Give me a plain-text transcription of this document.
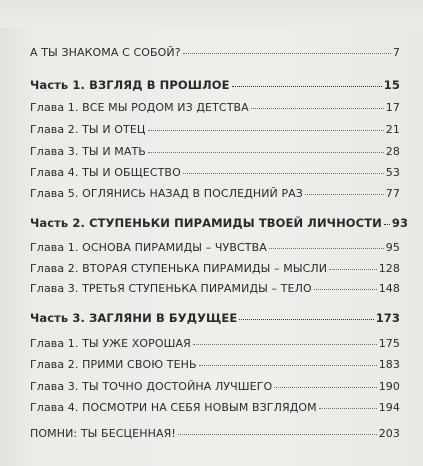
А ТЫ ЗНАКОМА С СОБОЙ?	7
Часть 1. ВЗГЛЯД В ПРОШЛОЕ	15
Глава 1. ВСЕ МЫ РОДОМ ИЗ ДЕТСТВА	17
Глава 2. ТЫ И ОТЕЦ	21
Глава 3. ТЫ И МАТЬ	28
Глава 4. ТЫ И ОБЩЕСТВО	53
Глава 5. ОГЛЯНИСЬ НАЗАД В ПОСЛЕДНИЙ РАЗ	77
Часть 2. СТУПЕНЬКИ ПИРАМИДЫ ТВОЕЙ ЛИЧНОСТИ 93
Глава 1. ОСНОВА ПИРАМИДЫ – ЧУВСТВА	95
Глава 2. ВТОРАЯ СТУПЕНЬКА ПИРАМИДЫ – МЫСЛИ	128
Глава 3. ТРЕТЬЯ СТУПЕНЬКА ПИРАМИДЫ – ТЕЛО	148
Часть 3. ЗАГЛЯНИ В БУДУЩЕЕ	173
Глава 1. ТЫ УЖЕ ХОРОШАЯ	175
Глава 2. ПРИМИ СВОЮ ТЕНЬ	183
Глава 3. ТЫ ТОЧНО ДОСТОЙНА ЛУЧШЕГО	190
Глава 4. ПОСМОТРИ НА СЕБЯ НОВЫМ ВЗГЛЯДОМ	194
ПОМНИ: ТЫ БЕСЦЕННАЯ!	203
